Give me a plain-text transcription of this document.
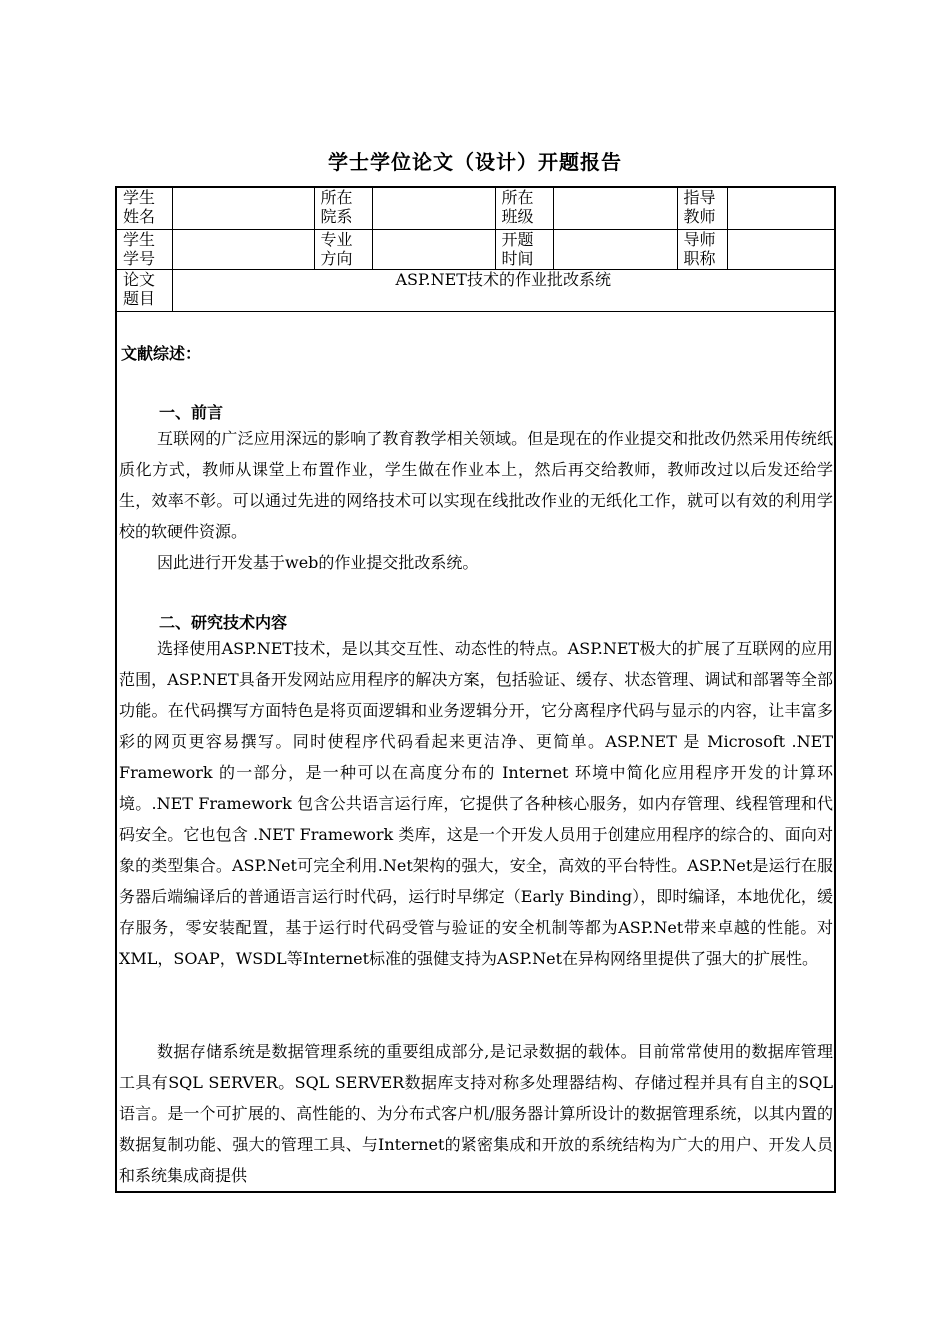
学士学位论文（设计）开题报告
学生姓名		所在院系		所在班级		指导教师	

学生学号		专业方向		开题时间		导师职称	

论文题目	ASP.NET技术的作业批改系统						
文献综述：
一、前言

互联网的广泛应用深远的影响了教育教学相关领域。但是现在的作业提交和批改仍然采用传统纸质化方式，教师从课堂上布置作业，学生做在作业本上，然后再交给教师，教师改过以后发还给学生，效率不彰。可以通过先进的网络技术可以实现在线批改作业的无纸化工作，就可以有效的利用学校的软硬件资源。

因此进行开发基于web的作业提交批改系统。

二、研究技术内容

选择使用ASP.NET技术，是以其交互性、动态性的特点。ASP.NET极大的扩展了互联网的应用范围，ASP.NET具备开发网站应用程序的解决方案，包括验证、缓存、状态管理、调试和部署等全部功能。在代码撰写方面特色是将页面逻辑和业务逻辑分开，它分离程序代码与显示的内容，让丰富多彩的网页更容易撰写。同时使程序代码看起来更洁净、更简单。ASP.NET 是 Microsoft .NET Framework 的一部分，是一种可以在高度分布的 Internet 环境中简化应用程序开发的计算环境。.NET Framework 包含公共语言运行库，它提供了各种核心服务，如内存管理、线程管理和代码安全。它也包含 .NET Framework 类库，这是一个开发人员用于创建应用程序的综合的、面向对象的类型集合。ASP.Net可完全利用.Net架构的强大，安全，高效的平台特性。ASP.Net是运行在服务器后端编译后的普通语言运行时代码，运行时早绑定（Early Binding），即时编译，本地优化，缓存服务，零安装配置，基于运行时代码受管与验证的安全机制等都为ASP.Net带来卓越的性能。对XML，SOAP，WSDL等Internet标准的强健支持为ASP.Net在异构网络里提供了强大的扩展性。

数据存储系统是数据管理系统的重要组成部分,是记录数据的载体。目前常常使用的数据库管理工具有SQL SERVER。SQL SERVER数据库支持对称多处理器结构、存储过程并具有自主的SQL语言。是一个可扩展的、高性能的、为分布式客户机/服务器计算所设计的数据管理系统，以其内置的数据复制功能、强大的管理工具、与Internet的紧密集成和开放的系统结构为广大的用户、开发人员和系统集成商提供
